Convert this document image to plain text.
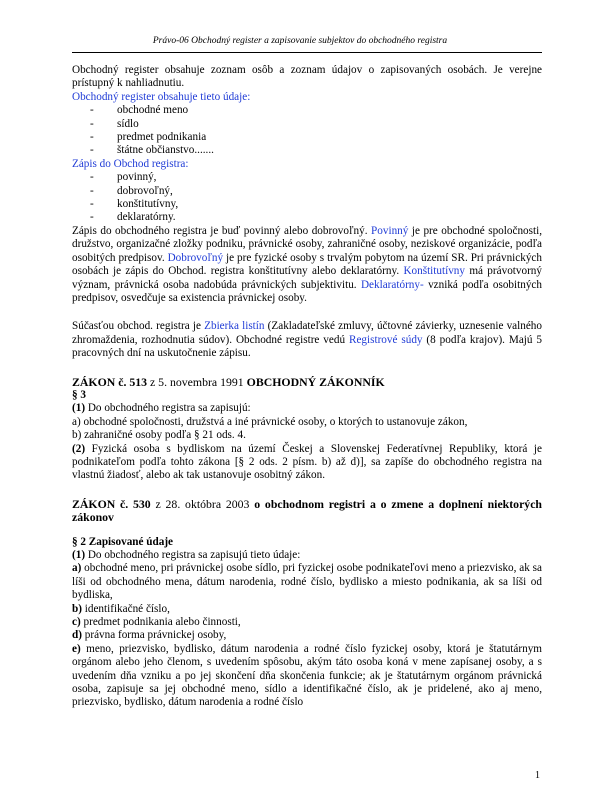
Právo-06 Obchodný register a zapisovanie subjektov do obchodného registra

Obchodný register obsahuje zoznam osôb a zoznam údajov o zapisovaných osobách. Je verejne prístupný k nahliadnutiu.

Obchodný register obsahuje tieto údaje:

- obchodné meno
- sídlo
- predmet podnikania
- štátne občianstvo.......

Zápis do Obchod registra:

- povinný,
- dobrovoľný,
- konštitutívny,
- deklaratórny.

Zápis do obchodného registra je buď povinný alebo dobrovoľný. Povinný je pre obchodné spoločnosti, družstvo, organizačné zložky podniku, právnické osoby, zahraničné osoby, neziskové organizácie, podľa osobitých predpisov. Dobrovoľný je pre fyzické osoby s trvalým pobytom na území SR. Pri právnických osobách je zápis do Obchod. registra konštitutívny alebo deklaratórny. Konštitutívny má právotvorný význam, právnická osoba nadobúda právnických subjektivitu. Deklaratórny- vzniká podľa osobitných predpisov, osvedčuje sa existencia právnickej osoby.

Súčasťou obchod. registra je Zbierka listín (Zakladateľské zmluvy, účtovné závierky, uznesenie valného zhromaždenia, rozhodnutia súdov). Obchodné registre vedú Registrové súdy (8 podľa krajov). Majú 5 pracovných dní na uskutočnenie zápisu.

ZÁKON č. 513 z 5. novembra 1991 OBCHODNÝ ZÁKONNÍK

§ 3

(1) Do obchodného registra sa zapisujú:

a) obchodné spoločnosti, družstvá a iné právnické osoby, o ktorých to ustanovuje zákon,

b) zahraničné osoby podľa § 21 ods. 4.

(2) Fyzická osoba s bydliskom na území Českej a Slovenskej Federatívnej Republiky, ktorá je podnikateľom podľa tohto zákona [§ 2 ods. 2 písm. b) až d)], sa zapíše do obchodného registra na vlastnú žiadosť, alebo ak tak ustanovuje osobitný zákon.

ZÁKON č. 530 z 28. októbra 2003 o obchodnom registri a o zmene a doplnení niektorých zákonov

§ 2 Zapisované údaje

(1) Do obchodného registra sa zapisujú tieto údaje:

a) obchodné meno, pri právnickej osobe sídlo, pri fyzickej osobe podnikateľovi meno a priezvisko, ak sa líši od obchodného mena, dátum narodenia, rodné číslo, bydlisko a miesto podnikania, ak sa líši od bydliska,

b) identifikačné číslo,

c) predmet podnikania alebo činnosti,

d) právna forma právnickej osoby,

e) meno, priezvisko, bydlisko, dátum narodenia a rodné číslo fyzickej osoby, ktorá je štatutárnym orgánom alebo jeho členom, s uvedením spôsobu, akým táto osoba koná v mene zapísanej osoby, a s uvedením dňa vzniku a po jej skončení dňa skončenia funkcie; ak je štatutárnym orgánom právnická osoba, zapisuje sa jej obchodné meno, sídlo a identifikačné číslo, ak je pridelené, ako aj meno, priezvisko, bydlisko, dátum narodenia a rodné číslo

1
